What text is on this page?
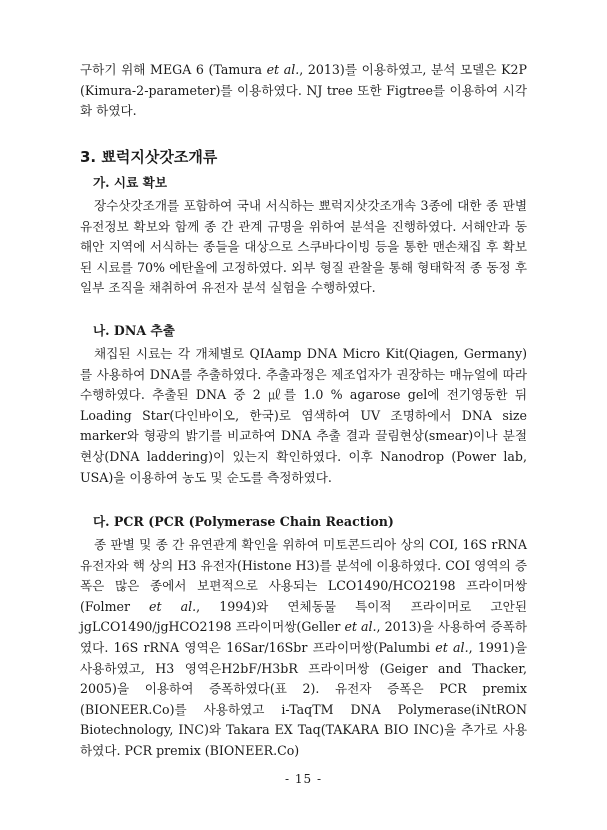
구하기 위해 MEGA 6 (Tamura et al., 2013)를 이용하였고, 분석 모델은 K2P (Kimura-2-parameter)를 이용하였다. NJ tree 또한 Figtree를 이용하여 시각화 하였다.

3. 뾰럭지삿갓조개류
가. 시료 확보

장수삿갓조개를 포함하여 국내 서식하는 뾰럭지삿갓조개속 3종에 대한 종 판별 유전정보 확보와 함께 종 간 관계 규명을 위하여 분석을 진행하였다. 서해안과 동해안 지역에 서식하는 종들을 대상으로 스쿠바다이빙 등을 통한 맨손채집 후 확보된 시료를 70% 에탄올에 고정하였다. 외부 형질 관찰을 통해 형태학적 종 동정 후 일부 조직을 채취하여 유전자 분석 실험을 수행하였다.

나. DNA 추출

채집된 시료는 각 개체별로 QIAamp DNA Micro Kit(Qiagen, Germany)를 사용하여 DNA를 추출하였다. 추출과정은 제조업자가 권장하는 매뉴얼에 따라 수행하였다. 추출된 DNA 중 2 ㎕를 1.0 % agarose gel에 전기영동한 뒤 Loading Star(다인바이오, 한국)로 염색하여 UV 조명하에서 DNA size marker와 형광의 밝기를 비교하여 DNA 추출 결과 끌림현상(smear)이나 분절현상(DNA laddering)이 있는지 확인하였다. 이후 Nanodrop (Power lab, USA)을 이용하여 농도 및 순도를 측정하였다.

다. PCR (PCR (Polymerase Chain Reaction)

종 판별 및 종 간 유연관계 확인을 위하여 미토콘드리아 상의 COI, 16S rRNA 유전자와 핵 상의 H3 유전자(Histone H3)를 분석에 이용하였다. COI 영역의 증폭은 많은 종에서 보편적으로 사용되는 LCO1490/HCO2198 프라이머쌍(Folmer et al., 1994)와 연체동물 특이적 프라이머로 고안된 jgLCO1490/jgHCO2198 프라이머쌍(Geller et al., 2013)을 사용하여 증폭하였다. 16S rRNA 영역은 16Sar/16Sbr 프라이머쌍(Palumbi et al., 1991)을 사용하였고, H3 영역은H2bF/H3bR 프라이머쌍 (Geiger and Thacker, 2005)을 이용하여 증폭하였다(표 2). 유전자 증폭은 PCR premix (BIONEER.Co)를 사용하였고 i-TaqTM DNA Polymerase(iNtRON Biotechnology, INC)와 Takara EX Taq(TAKARA BIO INC)을 추가로 사용하였다. PCR premix (BIONEER.Co)

- 15 -
